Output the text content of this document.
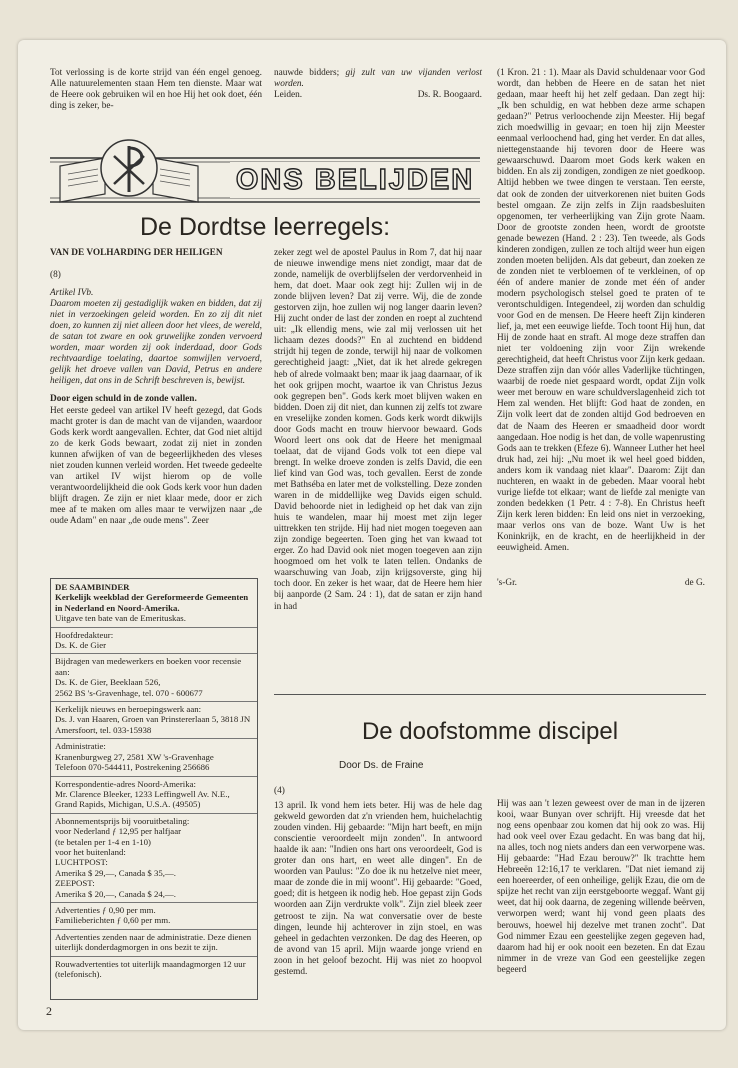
Tot verlossing is de korte strijd van één engel genoeg. Alle natuurelementen staan Hem ten dienste. Maar wat de Heere ook gebruiken wil en hoe Hij het ook doet, één ding is zeker, be-
nauwde bidders; gij zult van uw vijanden verlost worden.
Leiden.	Ds. R. Boogaard.
ONS BELIJDEN
De Dordtse leerregels:
VAN DE VOLHARDING DER HEILIGEN

(8)

Artikel IVb.

Daarom moeten zij gestadiglijk waken en bidden, dat zij niet in verzoekingen geleid worden. En zo zij dit niet doen, zo kunnen zij niet alleen door het vlees, de wereld, de satan tot zware en ook gruwelijke zonden vervoerd worden, maar worden zij ook inderdaad, door Gods rechtvaardige toelating, daartoe somwijlen vervoerd, gelijk het droeve vallen van David, Petrus en andere heiligen, dat ons in de Schrift beschreven is, bewijst.

Door eigen schuld in de zonde vallen.

Het eerste gedeel van artikel IV heeft gezegd, dat Gods macht groter is dan de macht van de vijanden, waardoor Gods kerk wordt aangevallen. Echter, dat God niet altijd zo de kerk Gods bewaart, zodat zij niet in zonden kunnen afwijken of van de begeerlijkheden des vleses niet zouden kunnen verleid worden. Het tweede gedeelte van artikel IV wijst hierom op de volle verantwoordelijkheid die ook Gods kerk voor hun daden blijft dragen. Ze zijn er niet klaar mede, door er zich mee af te maken om alles maar te verwijzen naar „de oude Adam" en naar „de oude mens". Zeer

zeker zegt wel de apostel Paulus in Rom 7, dat hij naar de nieuwe inwendige mens niet zondigt, maar dat de zonde, namelijk de overblijfselen der verdorvenheid in hem, dat doet. Maar ook zegt hij: Zullen wij in de zonde blijven leven? Dat zij verre. Wij, die de zonde gestorven zijn, hoe zullen wij nog langer daarin leven? Hij zucht onder de last der zonden en roept al zuchtend uit: „Ik ellendig mens, wie zal mij verlossen uit het lichaam dezes doods?" En al zuchtend en biddend strijdt hij tegen de zonde, terwijl hij naar de volkomen gerechtigheid jaagt: „Niet, dat ik het alrede gekregen heb of alrede volmaakt ben; maar ik jaag daarnaar, of ik het ook grijpen mocht, waartoe ik van Christus Jezus ook gegrepen ben". Gods kerk moet blijven waken en bidden. Doen zij dit niet, dan kunnen zij zelfs tot zware en vreselijke zonden komen. Gods kerk wordt dikwijls door Gods macht en trouw hiervoor bewaard. Gods Woord leert ons ook dat de Heere het menigmaal toelaat, dat de vijand Gods volk tot een diepe val brengt. In welke droeve zonden is zelfs David, die een lief kind van God was, toch gevallen. Eerst de zonde met Bathséba en later met de volkstelling. Deze zonden waren in de middellijke weg Davids eigen schuld. David behoorde niet in ledigheid op het dak van zijn huis te wandelen, maar hij moest met zijn leger uittrekken ten strijde. Hij had niet mogen toegeven aan zijn zondige begeerten. Toen ging het van kwaad tot erger. Zo had David ook niet mogen toegeven aan zijn hoogmoed om het volk te laten tellen. Ondanks de waarschuwing van Joab, zijn krijgsoverste, ging hij toch door. En zeker is het waar, dat de Heere hem hier bij aanporde (2 Sam. 24 : 1), dat de satan er zijn hand in had

(1 Kron. 21 : 1). Maar als David schuldenaar voor God wordt, dan hebben de Heere en de satan het niet gedaan, maar heeft hij het zelf gedaan. Dan zegt hij: „Ik ben schuldig, en wat hebben deze arme schapen gedaan?" Petrus verloochende zijn Meester. Hij begaf zich moedwillig in gevaar; en toen hij zijn Meester eenmaal verloochend had, ging het verder. En dat alles, niettegenstaande hij tevoren door de Heere was gewaarschuwd. Daarom moet Gods kerk waken en bidden. En als zij zondigen, zondigen ze niet goedkoop. Altijd hebben we twee dingen te verstaan. Ten eerste, dat ook de zonden der uitverkorenen niet buiten Gods bestel omgaan. Ze zijn zelfs in Zijn raadsbesluiten opgenomen, ter verheerlijking van Zijn grote Naam. Door de grootste zonden heen, wordt de grootste genade bewezen (Hand. 2 : 23). Ten tweede, als Gods kinderen zondigen, zullen ze toch altijd weer hun eigen zonden moeten belijden. Als dat gebeurt, dan zoeken ze de zonden niet te verbloemen of te verkleinen, of op één of andere manier de zonde met één of ander modern psychologisch stelsel goed te praten of te verontschuldigen. Integendeel, zij worden dan schuldig voor God en de mensen. De Heere heeft Zijn kinderen lief, ja, met een eeuwige liefde. Toch toont Hij hun, dat Hij de zonde haat en straft. Al moge deze straffen dan niet ter voldoening zijn voor Zijn wrekende gerechtigheid, dat heeft Christus voor Zijn kerk gedaan. Deze straffen zijn dan vóór alles Vaderlijke tüchtingen, waarbij de roede niet gespaard wordt, opdat Zijn volk weer met berouw en ware schuldverslagenheid zich tot Hem zal wenden. Het blijft: God haat de zonden, en Zijn volk leert dat de zonden altijd God bedroeven en dat de Naam des Heeren er smaadheid door wordt aangedaan. Hoe nodig is het dan, de volle wapenrusting Gods aan te trekken (Efeze 6). Wanneer Luther het heel druk had, zei hij: „Nu moet ik wel heel goed bidden, anders kom ik vandaag niet klaar". Daarom: Zijt dan nuchteren, en waakt in de gebeden. Maar vooral hebt vurige liefde tot elkaar; want de liefde zal menigte van zonden bedekken (1 Petr. 4 : 7-8). En Christus heeft Zijn kerk leren bidden: En leid ons niet in verzoeking, maar verlos ons van de boze. Want Uw is het Koninkrijk, en de kracht, en de heerlijkheid in der eeuwigheid. Amen.

's-Gr.	de G.
DE SAAMBINDER
Kerkelijk weekblad der Gereformeerde Gemeenten in Nederland en Noord-Amerika.
Uitgave ten bate van de Emerituskas.
Hoofdredakteur:
Ds. K. de Gier
Bijdragen van medewerkers en boeken voor recensie aan:
Ds. K. de Gier, Beeklaan 526,
2562 BS 's-Gravenhage, tel. 070 - 600677
Kerkelijk nieuws en beroepingswerk aan:
Ds. J. van Haaren, Groen van Prinstererlaan 5, 3818 JN Amersfoort, tel. 033-15938
Administratie:
Kranenburgweg 27, 2581 XW 's-Gravenhage
Telefoon 070-544411, Postrekening 256686
Korrespondentie-adres Noord-Amerika:
Mr. Clarence Bleeker, 1233 Leffingwell Av. N.E., Grand Rapids, Michigan, U.S.A. (49505)
Abonnementsprijs bij vooruitbetaling:
voor Nederland ƒ 12,95 per halfjaar
(te betalen per 1-4 en 1-10)
voor het buitenland:
LUCHTPOST:
Amerika $ 29,—, Canada $ 35,—.
ZEEPOST:
Amerika $ 20,—, Canada $ 24,—.
Advertenties ƒ 0,90 per mm.
Familieberichten ƒ 0,60 per mm.
Advertenties zenden naar de administratie. Deze dienen uiterlijk donderdagmorgen in ons bezit te zijn.
Rouwadvertenties tot uiterlijk maandagmorgen 12 uur (telefonisch).
De doofstomme discipel
Door Ds. de Fraine

(4)

13 april. Ik vond hem iets beter. Hij was de hele dag gekweld geworden dat z'n vrienden hem, huichelachtig zouden vinden. Hij gebaarde: "Mijn hart beeft, en mijn conscientie veroordeelt mijn zonden". In antwoord haalde ik aan: "Indien ons hart ons veroordeelt, God is groter dan ons hart, en weet alle dingen". En de woorden van Paulus: "Zo doe ik nu hetzelve niet meer, maar de zonde die in mij woont". Hij gebaarde: "Goed, goed; dit is hetgeen ik nodig heb. Hoe gepast zijn Gods woorden aan Zijn verdrukte volk". Zijn ziel bleek zeer getroost te zijn. Na wat conversatie over de beste dingen, leunde hij achterover in zijn stoel, en was geheel in gedachten verzonken. De dag des Heeren, op de avond van 15 april. Mijn waarde jonge vriend en zoon in het geloof bezocht. Hij was niet zo hoopvol gestemd.

Hij was aan 't lezen geweest over de man in de ijzeren kooi, waar Bunyan over schrijft. Hij vreesde dat het nog eens openbaar zou komen dat hij ook zo was. Hij had ook veel over Ezau gedacht. En was bang dat hij, na alles, toch nog niets anders dan een verworpene was. Hij gebaarde: "Had Ezau berouw?" Ik trachtte hem Hebreeën 12:16,17 te verklaren. "Dat niet iemand zij een hoereerder, of een onheilige, gelijk Ezau, die om de spijze het recht van zijn eerstgeboorte weggaf. Want gij weet, dat hij ook daarna, de zegening willende beërven, verworpen werd; want hij vond geen plaats des berouws, hoewel hij dezelve met tranen zocht". Dat God nimmer Ezau een geestelijke zegen gegeven had, daarom had hij er ook nooit een bezeten. En dat Ezau nimmer in de vreze van God een geestelijke zegen begeerd
2
